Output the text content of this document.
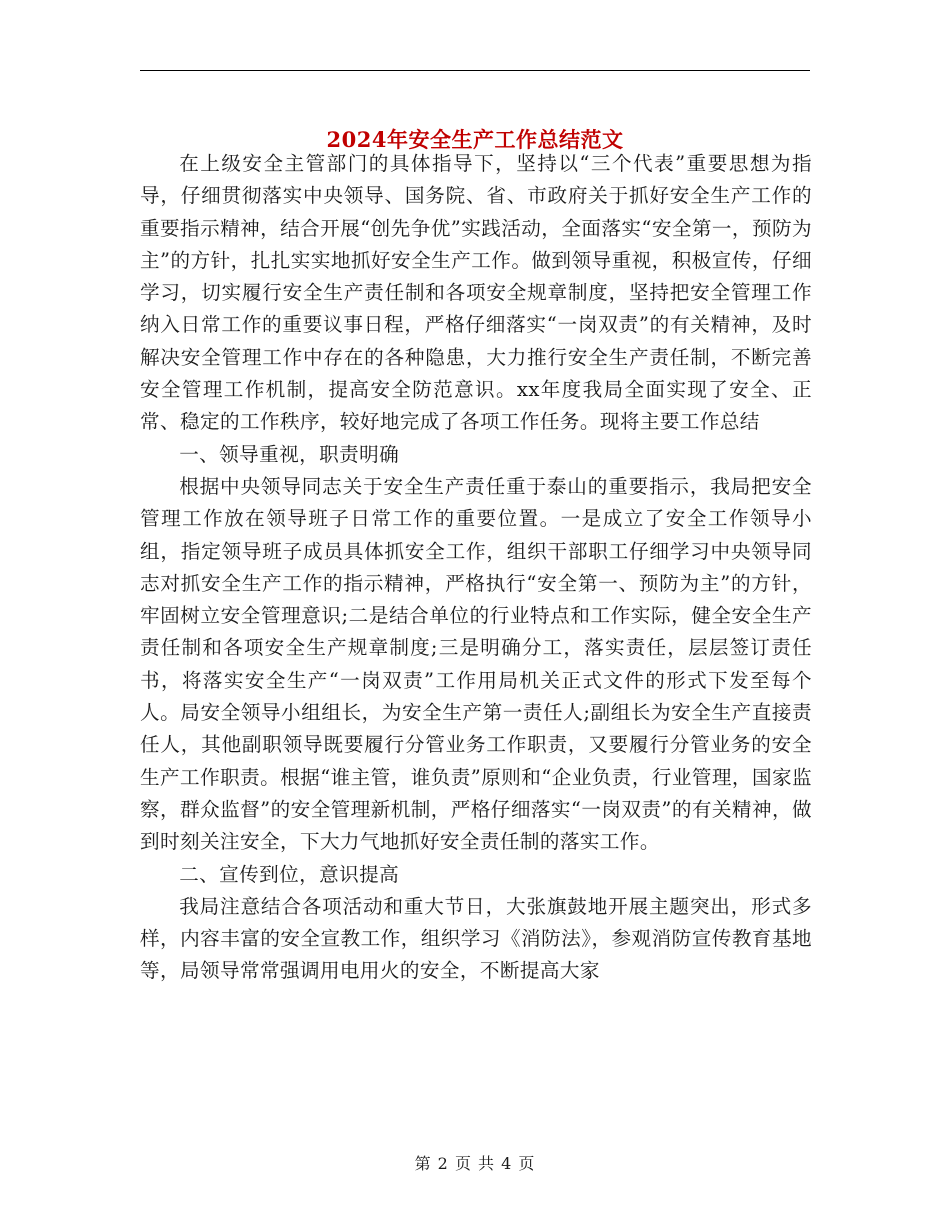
2024年安全生产工作总结范文

在上级安全主管部门的具体指导下，坚持以“三个代表”重要思想为指导，仔细贯彻落实中央领导、国务院、省、市政府关于抓好安全生产工作的重要指示精神，结合开展“创先争优”实践活动，全面落实“安全第一，预防为主”的方针，扎扎实实地抓好安全生产工作。做到领导重视，积极宣传，仔细学习，切实履行安全生产责任制和各项安全规章制度，坚持把安全管理工作纳入日常工作的重要议事日程，严格仔细落实“一岗双责”的有关精神，及时解决安全管理工作中存在的各种隐患，大力推行安全生产责任制，不断完善安全管理工作机制，提高安全防范意识。xx年度我局全面实现了安全、正常、稳定的工作秩序，较好地完成了各项工作任务。现将主要工作总结

一、领导重视，职责明确

根据中央领导同志关于安全生产责任重于泰山的重要指示，我局把安全管理工作放在领导班子日常工作的重要位置。一是成立了安全工作领导小组，指定领导班子成员具体抓安全工作，组织干部职工仔细学习中央领导同志对抓安全生产工作的指示精神，严格执行“安全第一、预防为主”的方针，牢固树立安全管理意识;二是结合单位的行业特点和工作实际，健全安全生产责任制和各项安全生产规章制度;三是明确分工，落实责任，层层签订责任书，将落实安全生产“一岗双责”工作用局机关正式文件的形式下发至每个人。局安全领导小组组长，为安全生产第一责任人;副组长为安全生产直接责任人，其他副职领导既要履行分管业务工作职责，又要履行分管业务的安全生产工作职责。根据“谁主管，谁负责”原则和“企业负责，行业管理，国家监察，群众监督”的安全管理新机制，严格仔细落实“一岗双责”的有关精神，做到时刻关注安全，下大力气地抓好安全责任制的落实工作。

二、宣传到位，意识提高

我局注意结合各项活动和重大节日，大张旗鼓地开展主题突出，形式多样，内容丰富的安全宣教工作，组织学习《消防法》，参观消防宣传教育基地等，局领导常常强调用电用火的安全，不断提高大家

第 2 页 共 4 页
